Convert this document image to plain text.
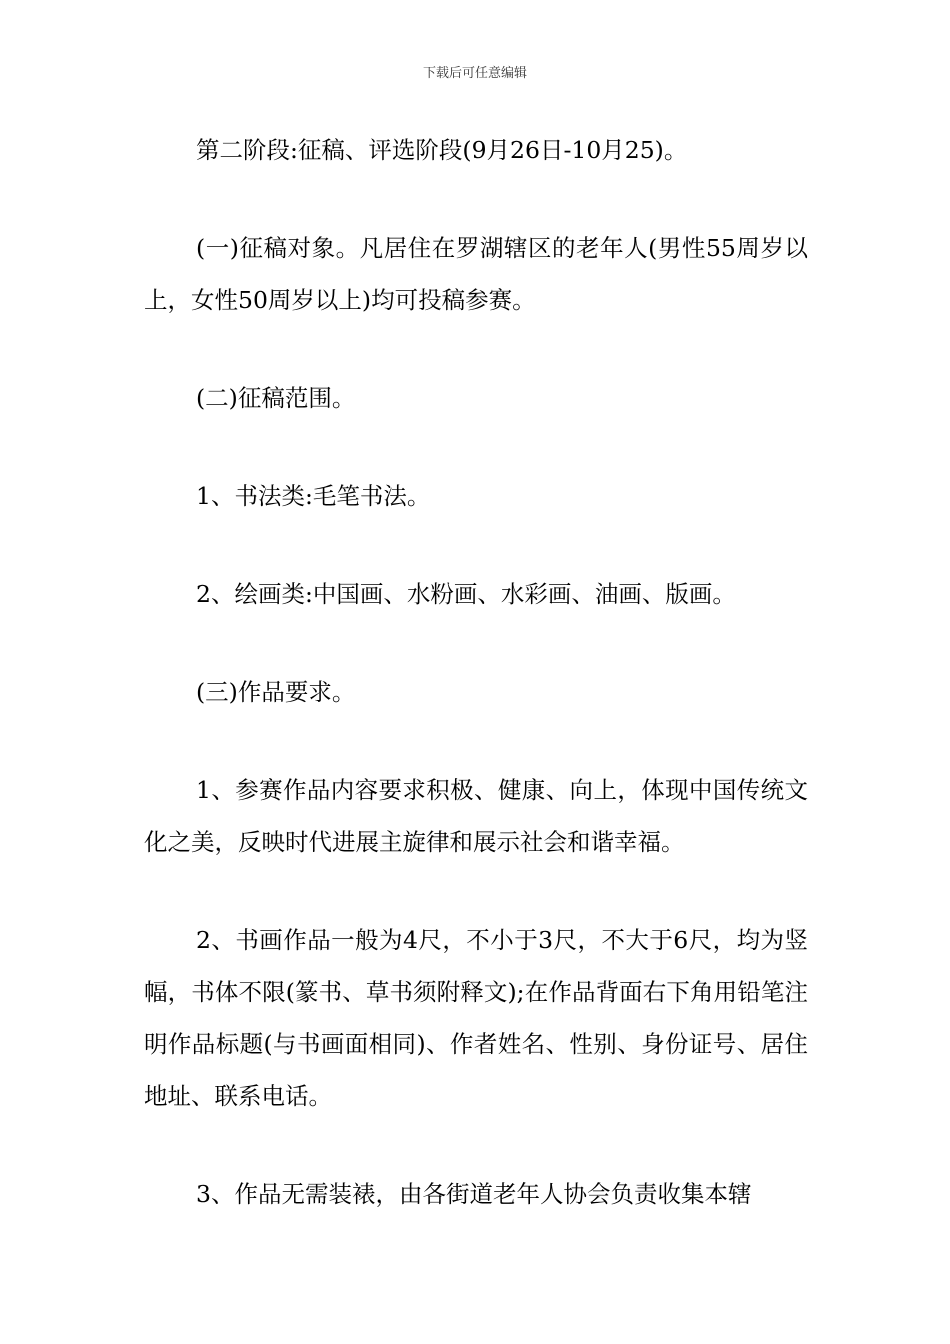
下载后可任意编辑

第二阶段:征稿、评选阶段(9月26日-10月25)。

(一)征稿对象。凡居住在罗湖辖区的老年人(男性55周岁以上，女性50周岁以上)均可投稿参赛。

(二)征稿范围。

1、书法类:毛笔书法。

2、绘画类:中国画、水粉画、水彩画、油画、版画。

(三)作品要求。

1、参赛作品内容要求积极、健康、向上，体现中国传统文化之美，反映时代进展主旋律和展示社会和谐幸福。

2、书画作品一般为4尺，不小于3尺，不大于6尺，均为竖幅，书体不限(篆书、草书须附释文);在作品背面右下角用铅笔注明作品标题(与书画面相同)、作者姓名、性别、身份证号、居住地址、联系电话。

3、作品无需装裱，由各街道老年人协会负责收集本辖
